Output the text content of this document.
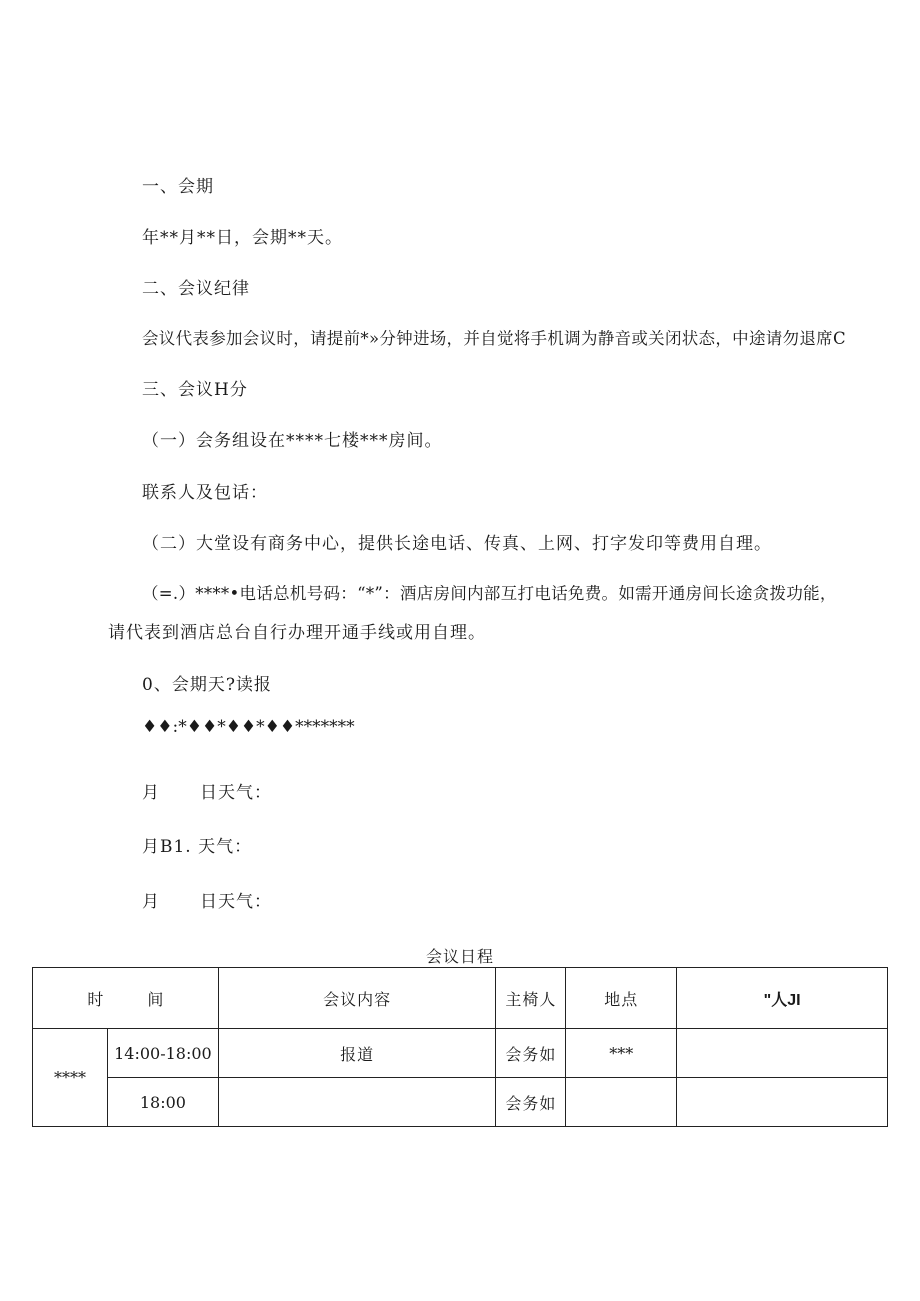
一、会期
年**月**日，会期**天。
二、会议纪律
会议代表参加会议时，请提前*»分钟进场，并自觉将手机调为静音或关闭状态，中途请勿退席C
三、会议H分
（一）会务组设在****七楼***房间。
联系人及包话：
（二）大堂设有商务中心，提供长途电话、传真、上网、打字发印等费用自理。
（=.）****•电话总机号码：“*”：酒店房间内部互打电话免费。如需开通房间长途贪拨功能，
请代表到酒店总台自行办理开通手线或用自理。
0、会期天?读报
♦♦:*♦♦*♦♦*♦♦*******
月 日天气：
月B1. 天气：
月 日天气：
会议日程
时 间		会议内容	主椅人	地点	"人JI
****	14:00-18:00	报道	会务如	***	
	18:00		会务如		
